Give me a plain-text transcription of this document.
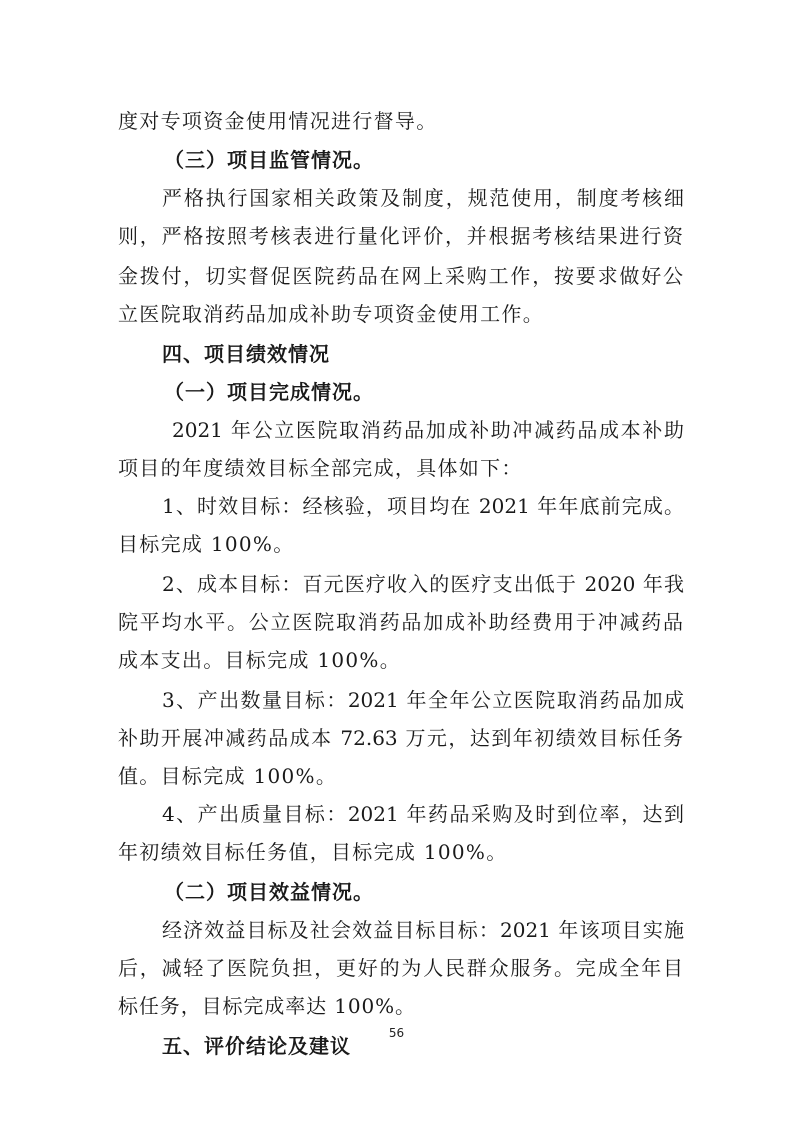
度对专项资金使用情况进行督导。
（三）项目监管情况。
严格执行国家相关政策及制度，规范使用，制度考核细
则，严格按照考核表进行量化评价，并根据考核结果进行资
金拨付，切实督促医院药品在网上采购工作，按要求做好公
立医院取消药品加成补助专项资金使用工作。
四、项目绩效情况
（一）项目完成情况。
2021 年公立医院取消药品加成补助冲减药品成本补助
项目的年度绩效目标全部完成，具体如下：
1、时效目标：经核验，项目均在 2021 年年底前完成。
目标完成 100%。
2、成本目标：百元医疗收入的医疗支出低于 2020 年我
院平均水平。公立医院取消药品加成补助经费用于冲减药品
成本支出。目标完成 100%。
3、产出数量目标：2021 年全年公立医院取消药品加成
补助开展冲减药品成本 72.63 万元，达到年初绩效目标任务
值。目标完成 100%。
4、产出质量目标：2021 年药品采购及时到位率，达到
年初绩效目标任务值，目标完成 100%。
（二）项目效益情况。
经济效益目标及社会效益目标目标：2021 年该项目实施
后，减轻了医院负担，更好的为人民群众服务。完成全年目
标任务，目标完成率达 100%。
五、评价结论及建议
56
